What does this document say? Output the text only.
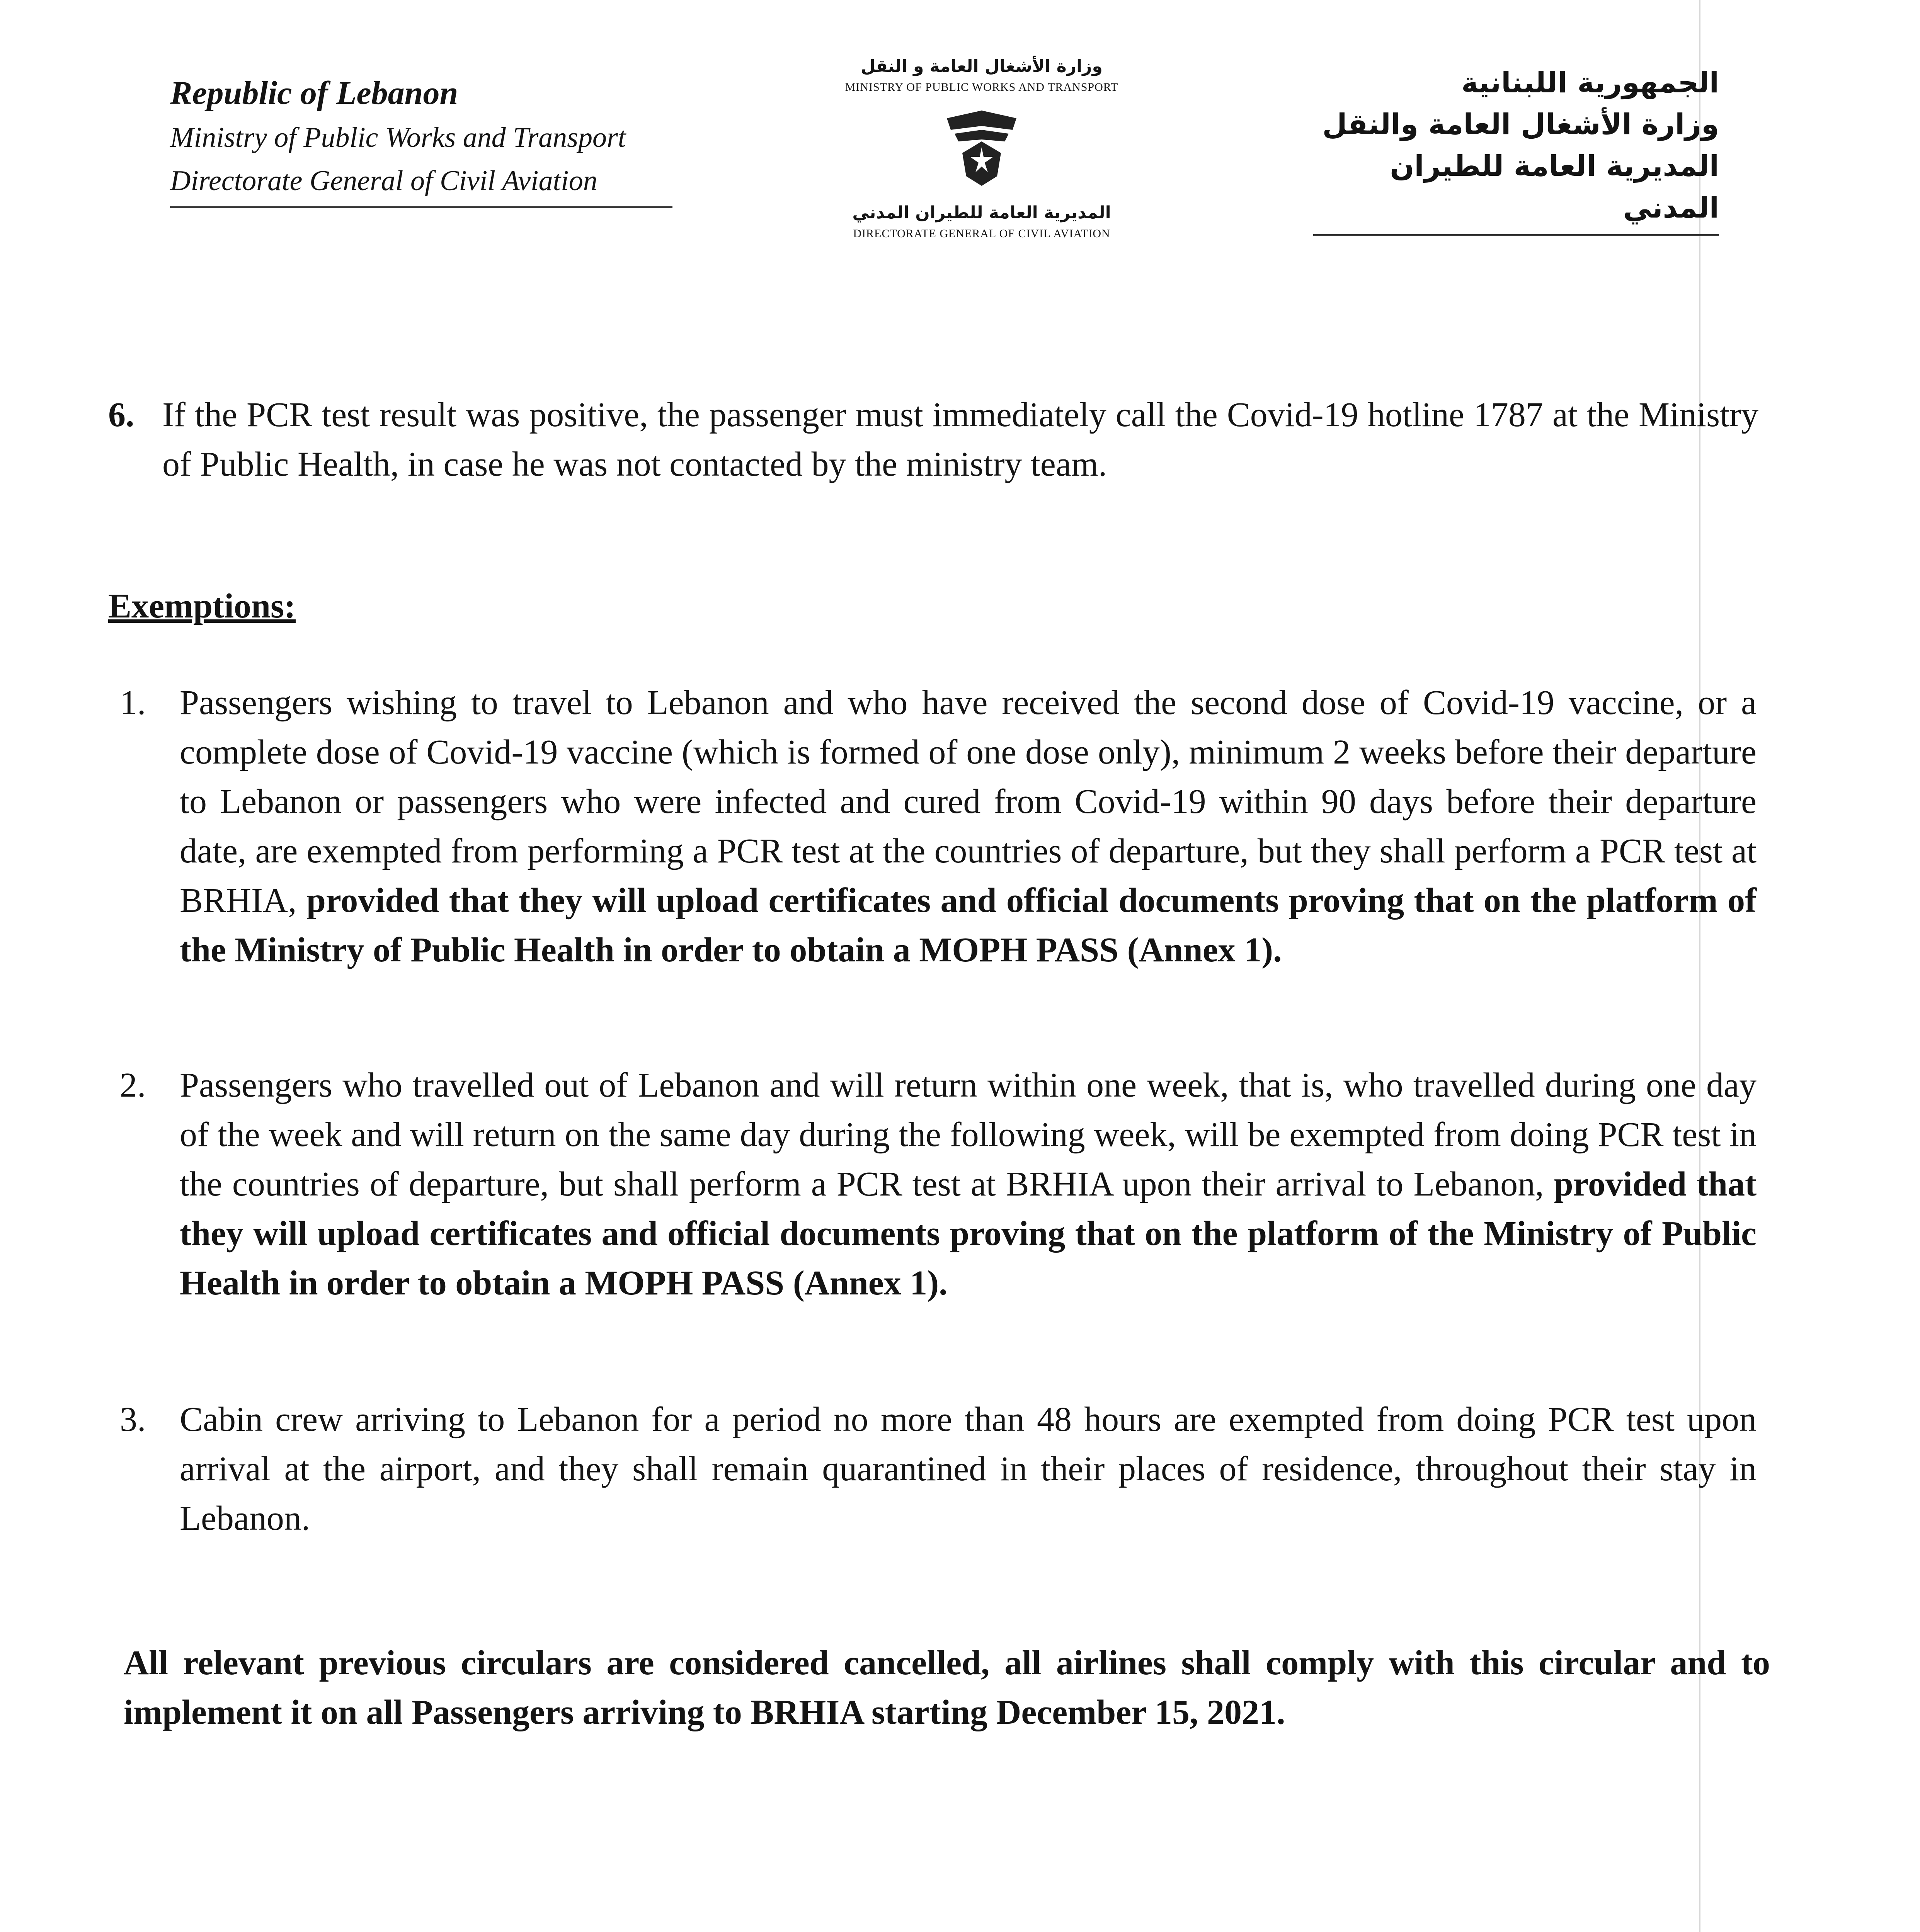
Republic of Lebanon
Ministry of Public Works and Transport
Directorate General of Civil Aviation
وزارة الأشغال العامة و النقل
MINISTRY OF PUBLIC WORKS AND TRANSPORT
المديرية العامة للطيران المدني
DIRECTORATE GENERAL OF CIVIL AVIATION
الجمهورية اللبنانية
وزارة الأشغال العامة والنقل
المديرية العامة للطيران المدني
6. If the PCR test result was positive, the passenger must immediately call the Covid-19 hotline 1787 at the Ministry of Public Health, in case he was not contacted by the ministry team.
Exemptions:
1. Passengers wishing to travel to Lebanon and who have received the second dose of Covid-19 vaccine, or a complete dose of Covid-19 vaccine (which is formed of one dose only), minimum 2 weeks before their departure to Lebanon or passengers who were infected and cured from Covid-19 within 90 days before their departure date, are exempted from performing a PCR test at the countries of departure, but they shall perform a PCR test at BRHIA, provided that they will upload certificates and official documents proving that on the platform of the Ministry of Public Health in order to obtain a MOPH PASS (Annex 1).
2. Passengers who travelled out of Lebanon and will return within one week, that is, who travelled during one day of the week and will return on the same day during the following week, will be exempted from doing PCR test in the countries of departure, but shall perform a PCR test at BRHIA upon their arrival to Lebanon, provided that they will upload certificates and official documents proving that on the platform of the Ministry of Public Health in order to obtain a MOPH PASS (Annex 1).
3. Cabin crew arriving to Lebanon for a period no more than 48 hours are exempted from doing PCR test upon arrival at the airport, and they shall remain quarantined in their places of residence, throughout their stay in Lebanon.
All relevant previous circulars are considered cancelled, all airlines shall comply with this circular and to implement it on all Passengers arriving to BRHIA starting December 15, 2021.
